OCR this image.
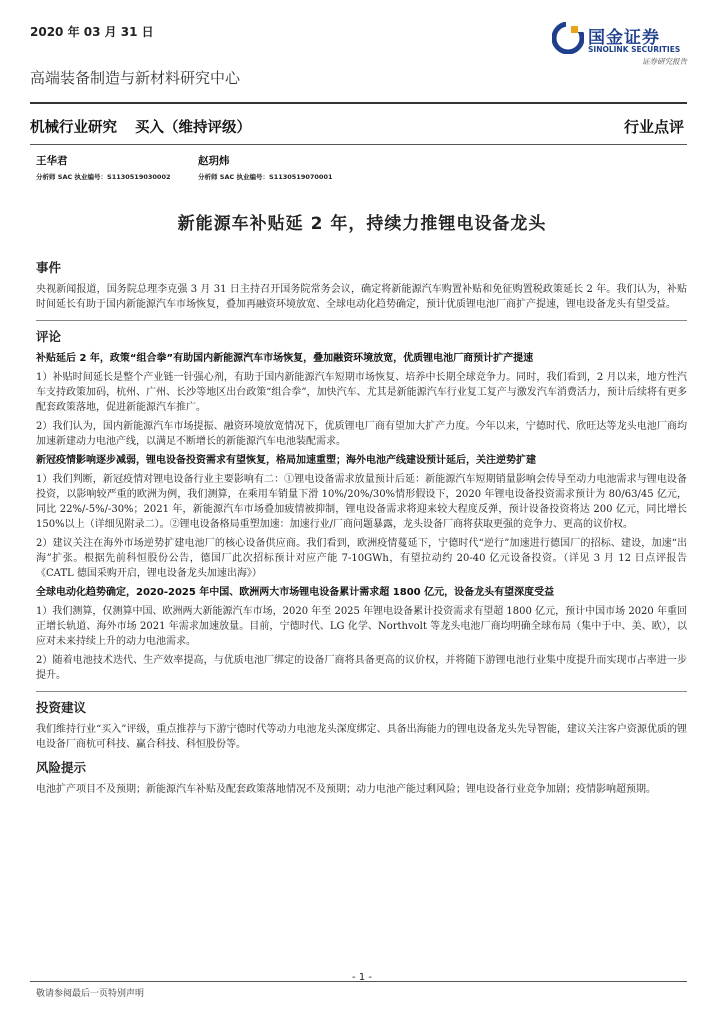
2020 年 03 月 31 日	国金证券
SINOLINK SECURITIES
证券研究报告
高端装备制造与新材料研究中心
机械行业研究 买入（维持评级）	行业点评
王华君
分析师 SAC 执业编号：S1130519030002
赵玥炜
分析师 SAC 执业编号：S1130519070001
新能源车补贴延 2 年，持续力推锂电设备龙头
事件
央视新闻报道，国务院总理李克强 3 月 31 日主持召开国务院常务会议，确定将新能源汽车购置补贴和免征购置税政策延长 2 年。我们认为，补贴时间延长有助于国内新能源汽车市场恢复，叠加再融资环境放宽、全球电动化趋势确定，预计优质锂电池厂商扩产提速，锂电设备龙头有望受益。
评论
补贴延后 2 年，政策“组合拳”有助国内新能源汽车市场恢复，叠加融资环境放宽，优质锂电池厂商预计扩产提速
1）补贴时间延长是整个产业链一针强心剂，有助于国内新能源汽车短期市场恢复、培养中长期全球竞争力。同时，我们看到，2 月以来，地方性汽车支持政策加码，杭州、广州、长沙等地区出台政策“组合拳”，加快汽车、尤其是新能源汽车行业复工复产与激发汽车消费活力，预计后续将有更多配套政策落地，促进新能源汽车推广。
2）我们认为，国内新能源汽车市场提振、融资环境放宽情况下，优质锂电厂商有望加大扩产力度。今年以来，宁德时代、欣旺达等龙头电池厂商均加速新建动力电池产线，以满足不断增长的新能源汽车电池装配需求。
新冠疫情影响逐步减弱，锂电设备投资需求有望恢复，格局加速重塑；海外电池产线建设预计延后，关注逆势扩建
1）我们判断，新冠疫情对锂电设备行业主要影响有二：①锂电设备需求放量预计后延：新能源汽车短期销量影响会传导至动力电池需求与锂电设备投资，以影响较严重的欧洲为例，我们测算，在乘用车销量下滑 10%/20%/30%情形假设下，2020 年锂电设备投资需求预计为 80/63/45 亿元，同比 22%/-5%/-30%；2021 年，新能源汽车市场叠加疲情被抑制，锂电设备需求将迎来较大程度反弹，预计设备投资将达 200 亿元，同比增长 150%以上（详细见附录二）。②锂电设备格局重塑加速：加速行业/厂商问题暴露，龙头设备厂商将获取更强的竞争力、更高的议价权。
2）建议关注在海外市场逆势扩建电池厂的核心设备供应商。我们看到，欧洲疫情蔓延下，宁德时代“逆行”加速进行德国厂的招标、建设，加速“出海”扩张。根据先前科恒股份公告，德国厂此次招标预计对应产能 7-10GWh，有望拉动约 20-40 亿元设备投资。（详见 3 月 12 日点评报告《CATL 德国采购开启，锂电设备龙头加速出海》）
全球电动化趋势确定，2020-2025 年中国、欧洲两大市场锂电设备累计需求超 1800 亿元，设备龙头有望深度受益
1）我们测算，仅测算中国、欧洲两大新能源汽车市场，2020 年至 2025 年锂电设备累计投资需求有望超 1800 亿元，预计中国市场 2020 年重回正增长轨道、海外市场 2021 年需求加速放量。目前，宁德时代、LG 化学、Northvolt 等龙头电池厂商均明确全球布局（集中于中、美、欧），以应对未来持续上升的动力电池需求。
2）随着电池技术迭代、生产效率提高，与优质电池厂绑定的设备厂商将具备更高的议价权，并将随下游锂电池行业集中度提升而实现市占率进一步提升。
投资建议
我们维持行业“买入”评级，重点推荐与下游宁德时代等动力电池龙头深度绑定、具备出海能力的锂电设备龙头先导智能，建议关注客户资源优质的锂电设备厂商杭可科技、赢合科技、科恒股份等。
风险提示
电池扩产项目不及预期；新能源汽车补贴及配套政策落地情况不及预期；动力电池产能过剩风险；锂电设备行业竞争加剧；疫情影响超预期。
- 1 -
敬请参阅最后一页特别声明
